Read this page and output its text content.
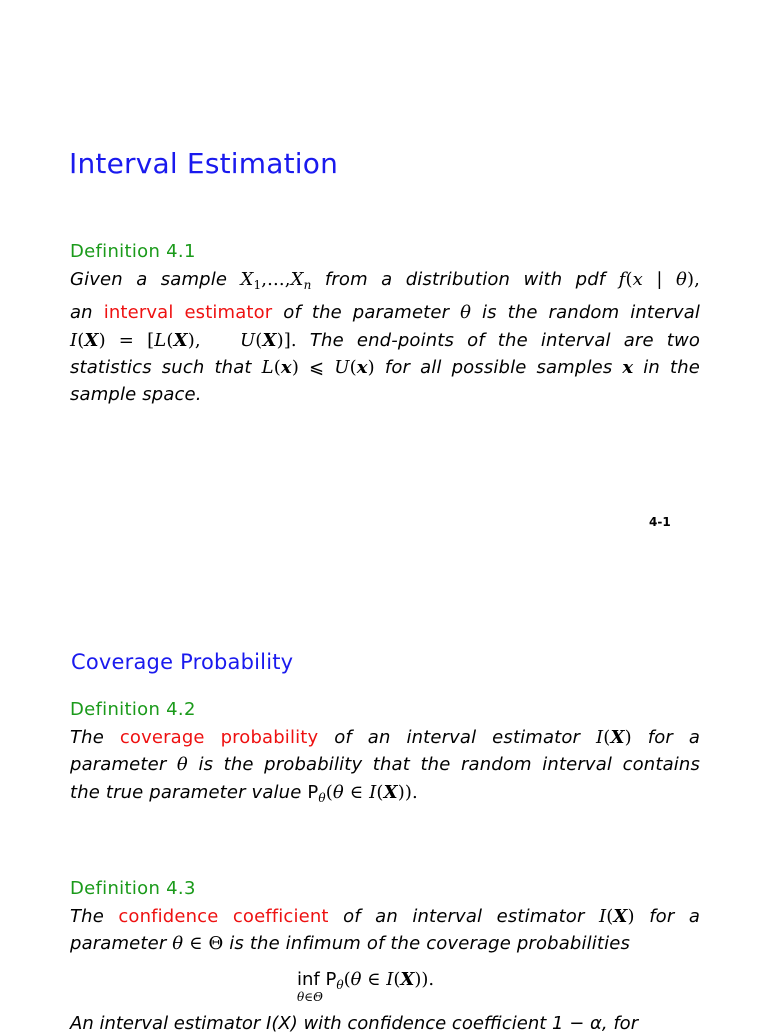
Interval Estimation
Definition 4.1
Given a sample $X_1,...,X_n$ from a distribution with pdf f(x | θ),
an interval estimator of the parameter θ is the random interval
I(X) = [L(X),   U(X)]. The end-points of the interval are two
statistics such that L(x) ⩽ U(x) for all possible samples x in the
sample space.
4-1
Coverage Probability
Definition 4.2
The coverage probability of an interval estimator I(X) for a
parameter θ is the probability that the random interval contains
the true parameter value $P_\theta(\theta$ ∈ I(X)).
Definition 4.3
The confidence coefficient of an interval estimator I(X) for a
parameter θ ∈ Θ is the infimum of the coverage probabilities
inf
θ∈Θ
$P_\theta(\theta$ ∈ I(X)).
An interval estimator I(X) with confidence coefficient 1 − α, for
